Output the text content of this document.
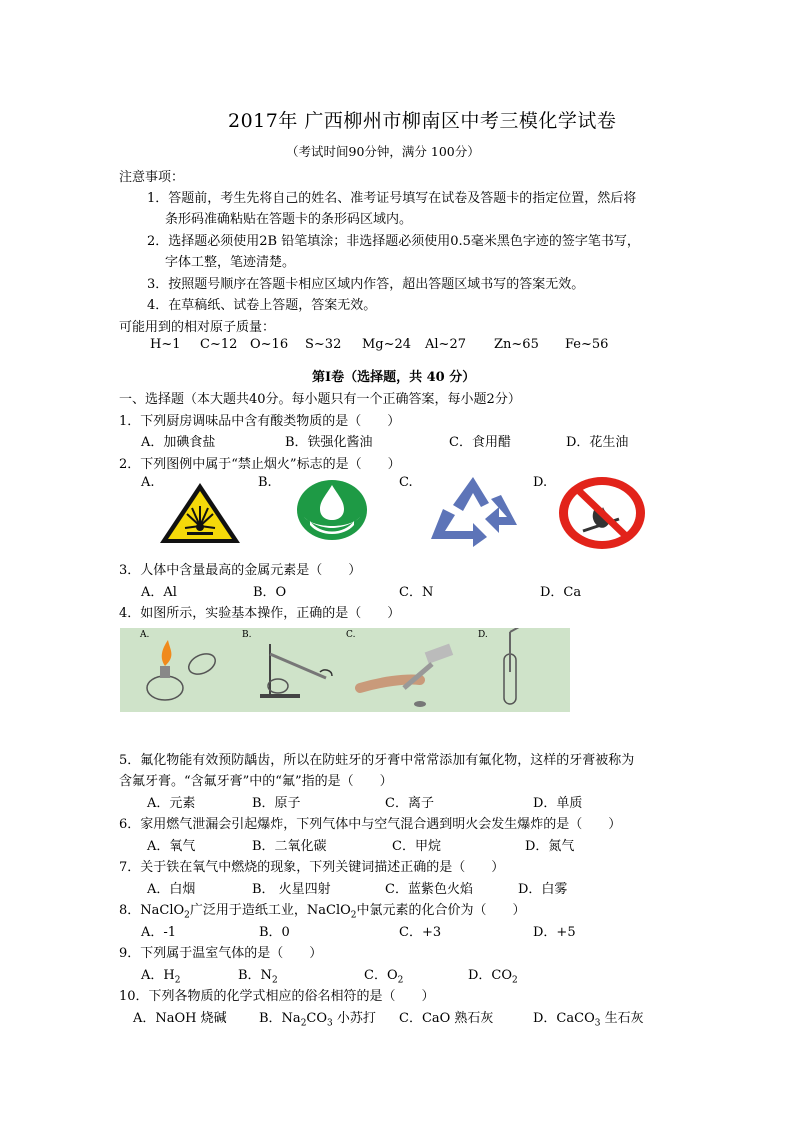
2017年 广西柳州市柳南区中考三模化学试卷
（考试时间90分钟，满分 100分）
注意事项：
1．答题前，考生先将自己的姓名、准考证号填写在试卷及答题卡的指定位置，然后将
条形码准确粘贴在答题卡的条形码区域内。
2．选择题必须使用2B 铅笔填涂；非选择题必须使用0.5毫米黑色字迹的签字笔书写，
字体工整，笔迹清楚。
3．按照题号顺序在答题卡相应区域内作答，超出答题区域书写的答案无效。
4．在草稿纸、试卷上答题，答案无效。
可能用到的相对原子质量：
H~1 C~12 O~16 S~32 Mg~24 Al~27 Zn~65 Fe~56
第Ⅰ卷（选择题，共 40 分）
一、选择题（本大题共40分。每小题只有一个正确答案，每小题2分）
1．下列厨房调味品中含有酸类物质的是（　　）
A．加碘食盐	B．铁强化酱油	C．食用醋	D．花生油
2．下列图例中属于“禁止烟火”标志的是（　　）
A.	B.	C.	D.
3．人体中含量最高的金属元素是（　　）
A．Al	B．O	C．N	D．Ca
4．如图所示，实验基本操作，正确的是（　　）
A.	B.	C.	D.
5．氟化物能有效预防龋齿，所以在防蛀牙的牙膏中常常添加有氟化物，这样的牙膏被称为
含氟牙膏。“含氟牙膏”中的“氟”指的是（　　）
A．元素	B．原子	C．离子	D．单质
6．家用燃气泄漏会引起爆炸，下列气体中与空气混合遇到明火会发生爆炸的是（　　）
A．氧气	B．二氧化碳	C．甲烷	D．氮气
7．关于铁在氧气中燃烧的现象，下列关键词描述正确的是（　　）
A．白烟	B． 火星四射	C．蓝紫色火焰	D．白雾
8．NaClO$_2$广泛用于造纸工业，NaClO$_2$中氯元素的化合价为（　　）
A．-1	B．0	C．+3	D．+5
9．下列属于温室气体的是（　　）
A．$H_2$	B．$N_2$	C．$O_2$	D．$CO_2$
10．下列各物质的化学式相应的俗名相符的是（　　）
A．NaOH 烧碱 B．$Na_2CO_3$ 小苏打 C．CaO 熟石灰	D．CaCO$_3$ 生石灰
